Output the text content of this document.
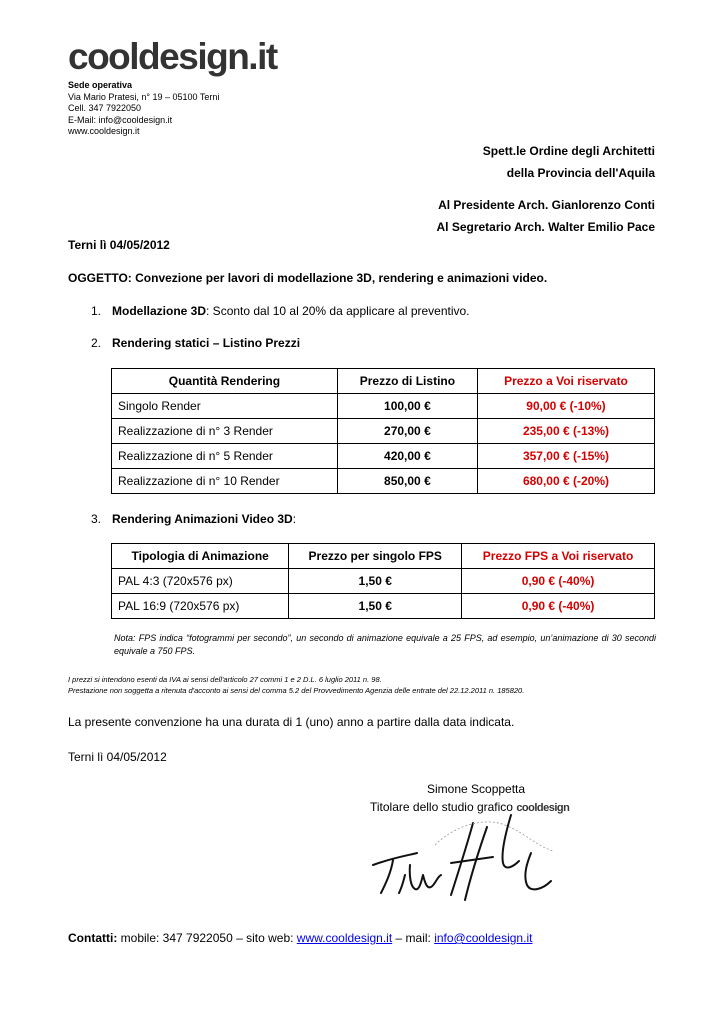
cooldesign.it
Sede operativa
Via Mario Pratesi, n° 19 – 05100 Terni
Cell. 347 7922050
E-Mail: info@cooldesign.it
www.cooldesign.it
Spett.le Ordine degli Architetti
della Provincia dell'Aquila
Al Presidente Arch. Gianlorenzo Conti
Al Segretario Arch. Walter Emilio Pace
Terni lì 04/05/2012
OGGETTO: Convezione per lavori di modellazione 3D, rendering e animazioni video.
1. Modellazione 3D: Sconto dal 10 al 20% da applicare al preventivo.
2. Rendering statici – Listino Prezzi
Quantità Rendering	Prezzo di Listino	Prezzo a Voi riservato
Singolo Render	100,00 €	90,00 € (-10%)
Realizzazione di n° 3 Render	270,00 €	235,00 € (-13%)
Realizzazione di n° 5 Render	420,00 €	357,00 € (-15%)
Realizzazione di n° 10 Render	850,00 €	680,00 € (-20%)
3. Rendering Animazioni Video 3D:
Tipologia di Animazione	Prezzo per singolo FPS	Prezzo FPS a Voi riservato
PAL 4:3 (720x576 px)	1,50 €	0,90 € (-40%)
PAL 16:9 (720x576 px)	1,50 €	0,90 € (-40%)
Nota: FPS indica “fotogrammi per secondo”, un secondo di animazione equivale a 25 FPS, ad esempio, un’animazione di 30 secondi equivale a 750 FPS.
I prezzi si intendono esenti da IVA ai sensi dell'articolo 27 commi 1 e 2 D.L. 6 luglio 2011 n. 98.
Prestazione non soggetta a ritenuta d'acconto ai sensi del comma 5.2 del Provvedimento Agenzia delle entrate del 22.12.2011 n. 185820.
La presente convenzione ha una durata di 1 (uno) anno a partire dalla data indicata.
Terni lì 04/05/2012
Simone Scoppetta
Titolare dello studio grafico cooldesign
Contatti: mobile: 347 7922050 – sito web: www.cooldesign.it – mail: info@cooldesign.it
